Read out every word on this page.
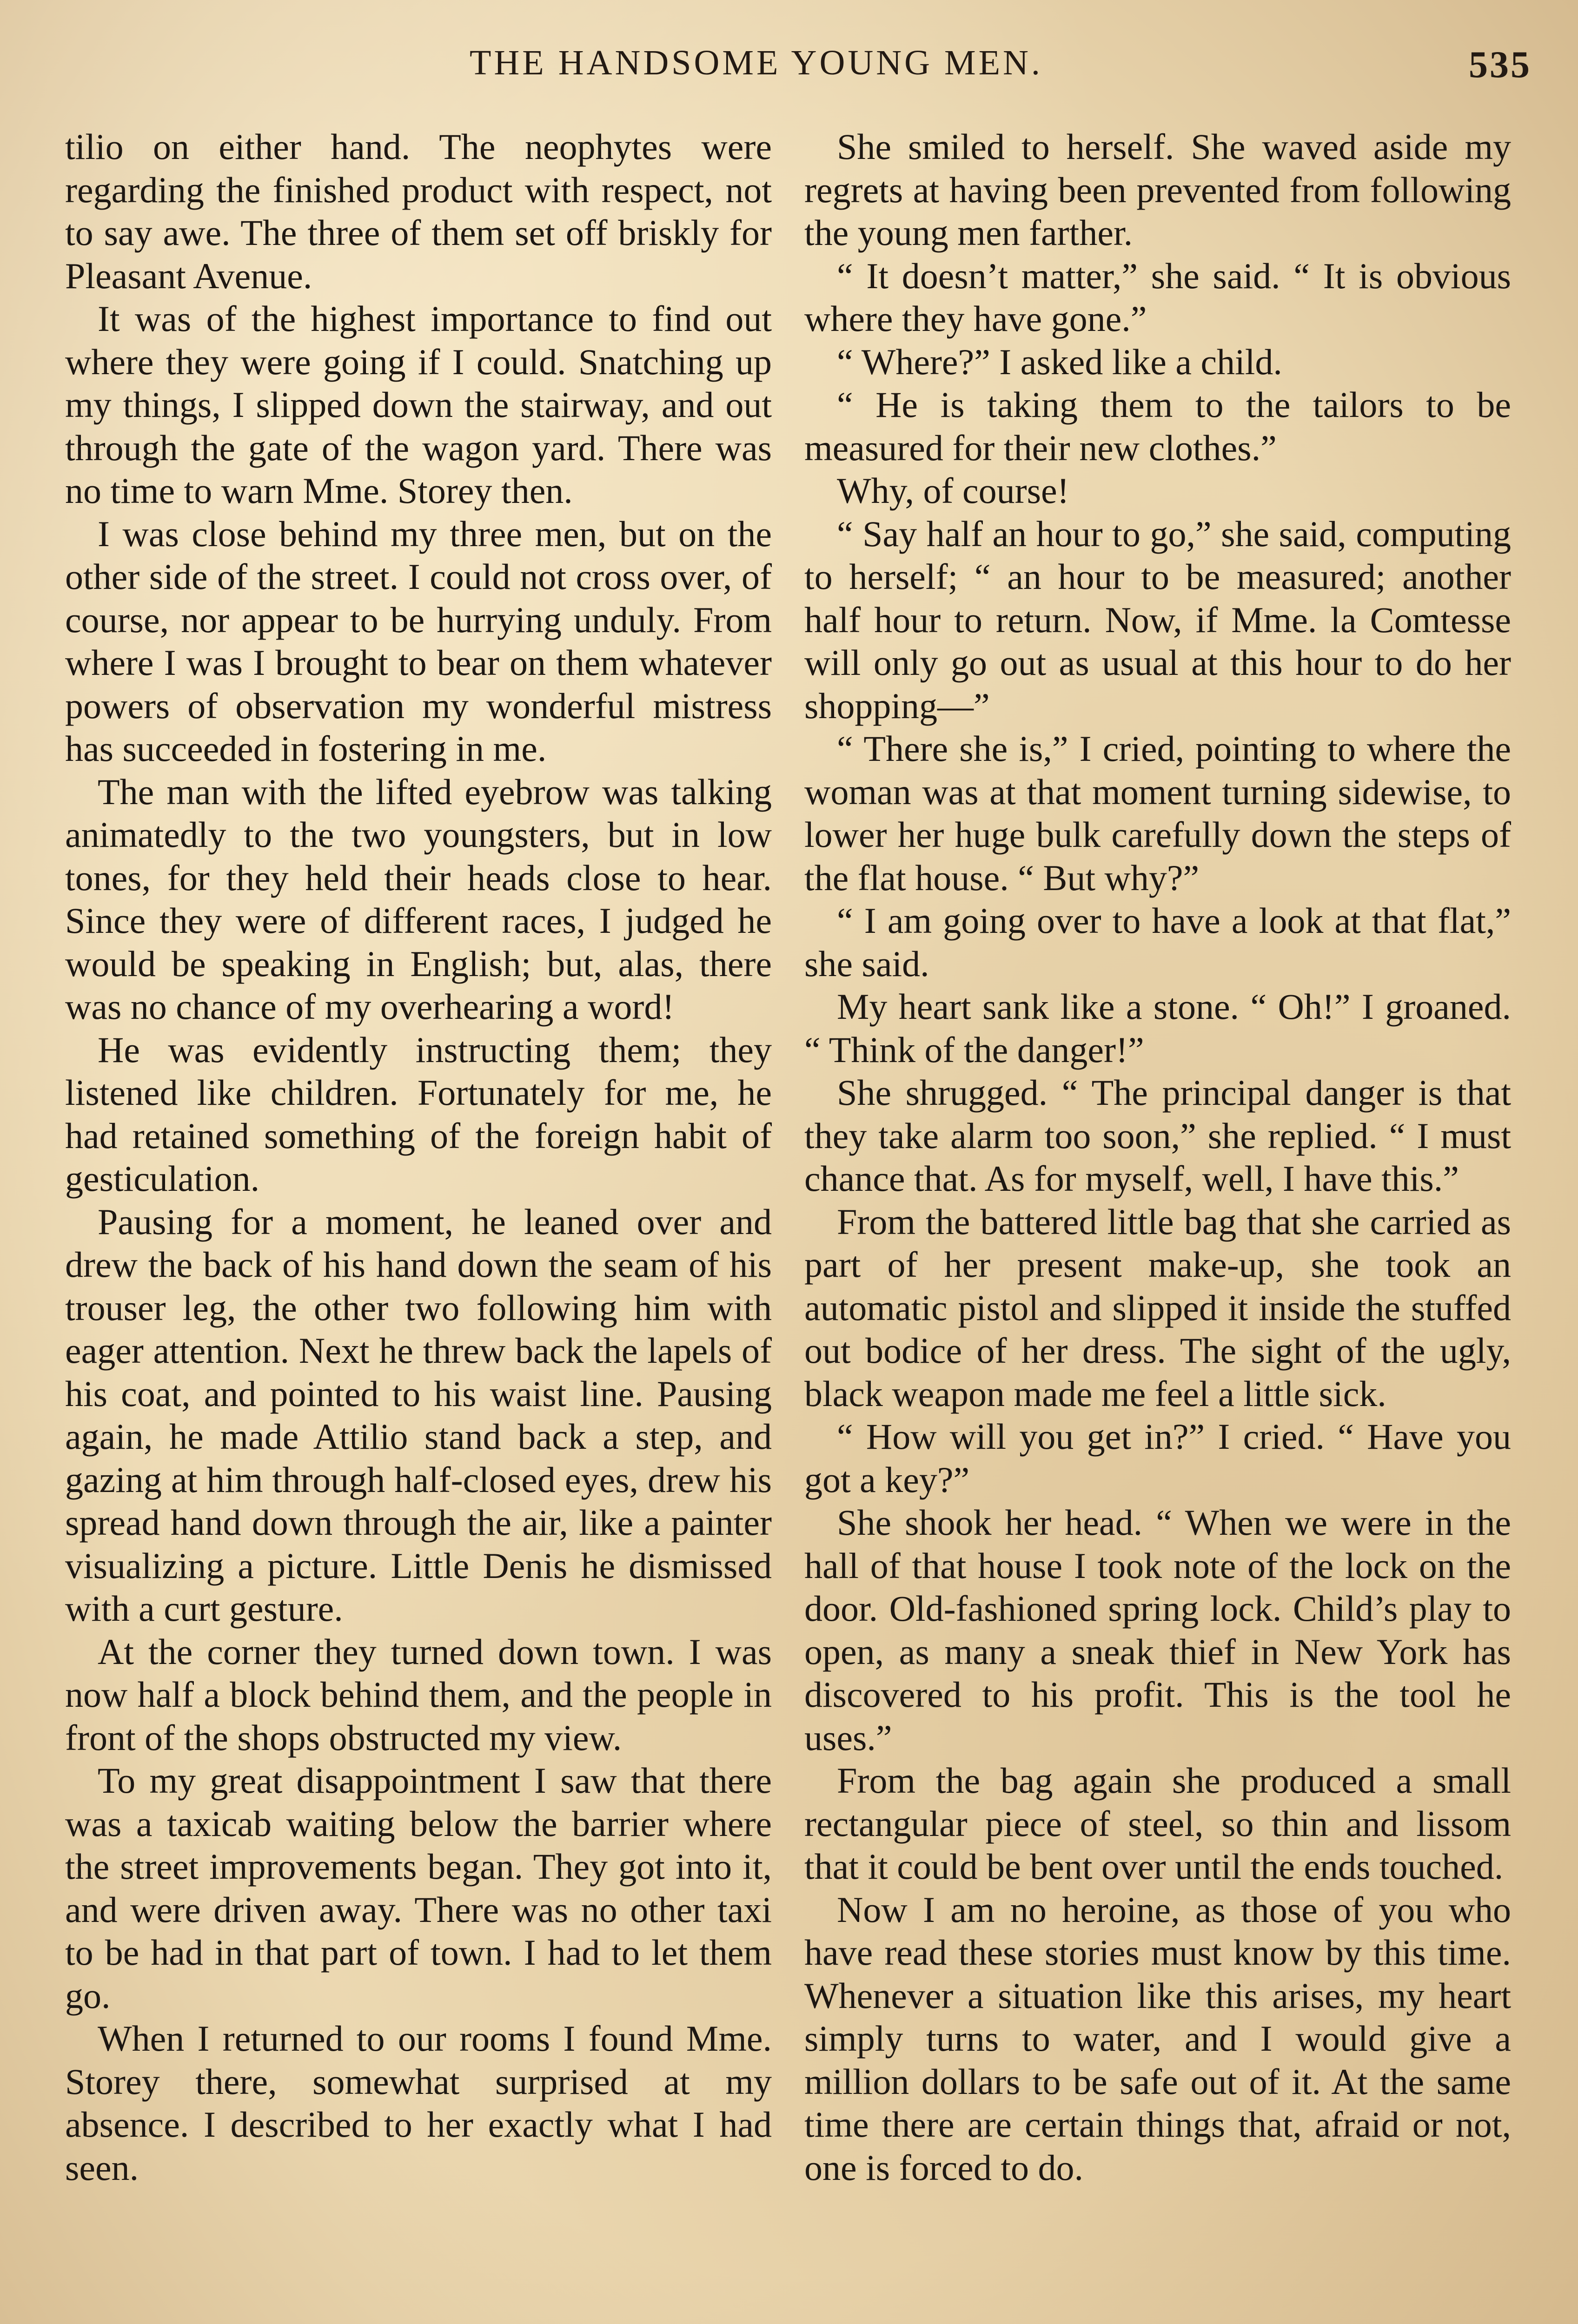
THE HANDSOME YOUNG MEN.	535

tilio on either hand. The neophytes were regarding the finished product with respect, not to say awe. The three of them set off briskly for Pleasant Avenue.

It was of the highest importance to find out where they were going if I could. Snatching up my things, I slipped down the stairway, and out through the gate of the wagon yard. There was no time to warn Mme. Storey then.

I was close behind my three men, but on the other side of the street. I could not cross over, of course, nor appear to be hurrying unduly. From where I was I brought to bear on them whatever powers of observation my wonderful mistress has succeeded in fostering in me.

The man with the lifted eyebrow was talking animatedly to the two youngsters, but in low tones, for they held their heads close to hear. Since they were of different races, I judged he would be speaking in English; but, alas, there was no chance of my overhearing a word!

He was evidently instructing them; they listened like children. Fortunately for me, he had retained something of the foreign habit of gesticulation.

Pausing for a moment, he leaned over and drew the back of his hand down the seam of his trouser leg, the other two following him with eager attention. Next he threw back the lapels of his coat, and pointed to his waist line. Pausing again, he made Attilio stand back a step, and gazing at him through half-closed eyes, drew his spread hand down through the air, like a painter visualizing a picture. Little Denis he dismissed with a curt gesture.

At the corner they turned down town. I was now half a block behind them, and the people in front of the shops obstructed my view.

To my great disappointment I saw that there was a taxicab waiting below the barrier where the street improvements began. They got into it, and were driven away. There was no other taxi to be had in that part of town. I had to let them go.

When I returned to our rooms I found Mme. Storey there, somewhat surprised at my absence. I described to her exactly what I had seen.

She smiled to herself. She waved aside my regrets at having been prevented from following the young men farther.

“ It doesn’t matter,” she said. “ It is obvious where they have gone.”

“ Where?” I asked like a child.

“ He is taking them to the tailors to be measured for their new clothes.”

Why, of course!

“ Say half an hour to go,” she said, computing to herself; “ an hour to be measured; another half hour to return. Now, if Mme. la Comtesse will only go out as usual at this hour to do her shopping—”

“ There she is,” I cried, pointing to where the woman was at that moment turning sidewise, to lower her huge bulk carefully down the steps of the flat house. “ But why?”

“ I am going over to have a look at that flat,” she said.

My heart sank like a stone. “ Oh!” I groaned. “ Think of the danger!”

She shrugged. “ The principal danger is that they take alarm too soon,” she replied. “ I must chance that. As for myself, well, I have this.”

From the battered little bag that she carried as part of her present make-up, she took an automatic pistol and slipped it inside the stuffed out bodice of her dress. The sight of the ugly, black weapon made me feel a little sick.

“ How will you get in?” I cried. “ Have you got a key?”

She shook her head. “ When we were in the hall of that house I took note of the lock on the door. Old-fashioned spring lock. Child’s play to open, as many a sneak thief in New York has discovered to his profit. This is the tool he uses.”

From the bag again she produced a small rectangular piece of steel, so thin and lissom that it could be bent over until the ends touched.

Now I am no heroine, as those of you who have read these stories must know by this time. Whenever a situation like this arises, my heart simply turns to water, and I would give a million dollars to be safe out of it. At the same time there are certain things that, afraid or not, one is forced to do.
